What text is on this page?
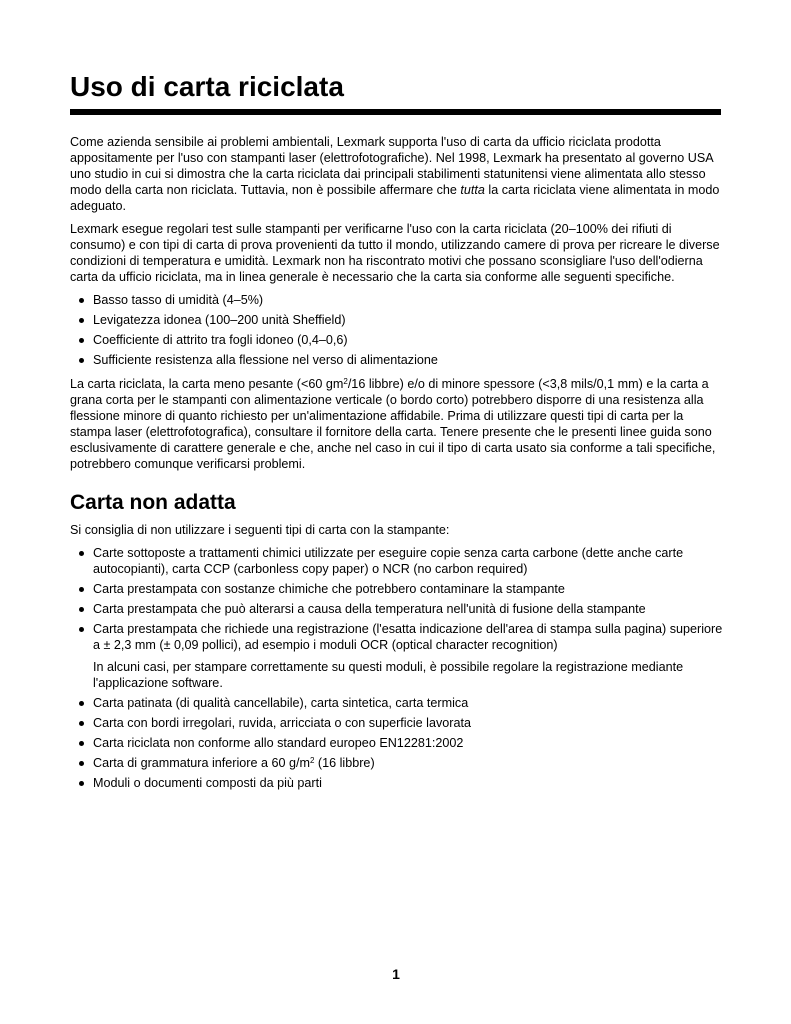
Uso di carta riciclata

Come azienda sensibile ai problemi ambientali, Lexmark supporta l'uso di carta da ufficio riciclata prodotta appositamente per l'uso con stampanti laser (elettrofotografiche). Nel 1998, Lexmark ha presentato al governo USA uno studio in cui si dimostra che la carta riciclata dai principali stabilimenti statunitensi viene alimentata allo stesso modo della carta non riciclata. Tuttavia, non è possibile affermare che tutta la carta riciclata viene alimentata in modo adeguato.

Lexmark esegue regolari test sulle stampanti per verificarne l'uso con la carta riciclata (20–100% dei rifiuti di consumo) e con tipi di carta di prova provenienti da tutto il mondo, utilizzando camere di prova per ricreare le diverse condizioni di temperatura e umidità. Lexmark non ha riscontrato motivi che possano sconsigliare l'uso dell'odierna carta da ufficio riciclata, ma in linea generale è necessario che la carta sia conforme alle seguenti specifiche.

Basso tasso di umidità (4–5%)
Levigatezza idonea (100–200 unità Sheffield)
Coefficiente di attrito tra fogli idoneo (0,4–0,6)
Sufficiente resistenza alla flessione nel verso di alimentazione

La carta riciclata, la carta meno pesante (<60 $gm^2/16$ libbre) e/o di minore spessore (<3,8 mils/0,1 mm) e la carta a grana corta per le stampanti con alimentazione verticale (o bordo corto) potrebbero disporre di una resistenza alla flessione minore di quanto richiesto per un'alimentazione affidabile. Prima di utilizzare questi tipi di carta per la stampa laser (elettrofotografica), consultare il fornitore della carta. Tenere presente che le presenti linee guida sono esclusivamente di carattere generale e che, anche nel caso in cui il tipo di carta usato sia conforme a tali specifiche, potrebbero comunque verificarsi problemi.

Carta non adatta

Si consiglia di non utilizzare i seguenti tipi di carta con la stampante:

Carte sottoposte a trattamenti chimici utilizzate per eseguire copie senza carta carbone (dette anche carte autocopianti), carta CCP (carbonless copy paper) o NCR (no carbon required)
Carta prestampata con sostanze chimiche che potrebbero contaminare la stampante
Carta prestampata che può alterarsi a causa della temperatura nell'unità di fusione della stampante
Carta prestampata che richiede una registrazione (l'esatta indicazione dell'area di stampa sulla pagina) superiore a ± 2,3 mm (± 0,09 pollici), ad esempio i moduli OCR (optical character recognition)

In alcuni casi, per stampare correttamente su questi moduli, è possibile regolare la registrazione mediante l'applicazione software.

Carta patinata (di qualità cancellabile), carta sintetica, carta termica
Carta con bordi irregolari, ruvida, arricciata o con superficie lavorata
Carta riciclata non conforme allo standard europeo EN12281:2002
Carta di grammatura inferiore a 60 $g/m^2$ (16 libbre)
Moduli o documenti composti da più parti
1
